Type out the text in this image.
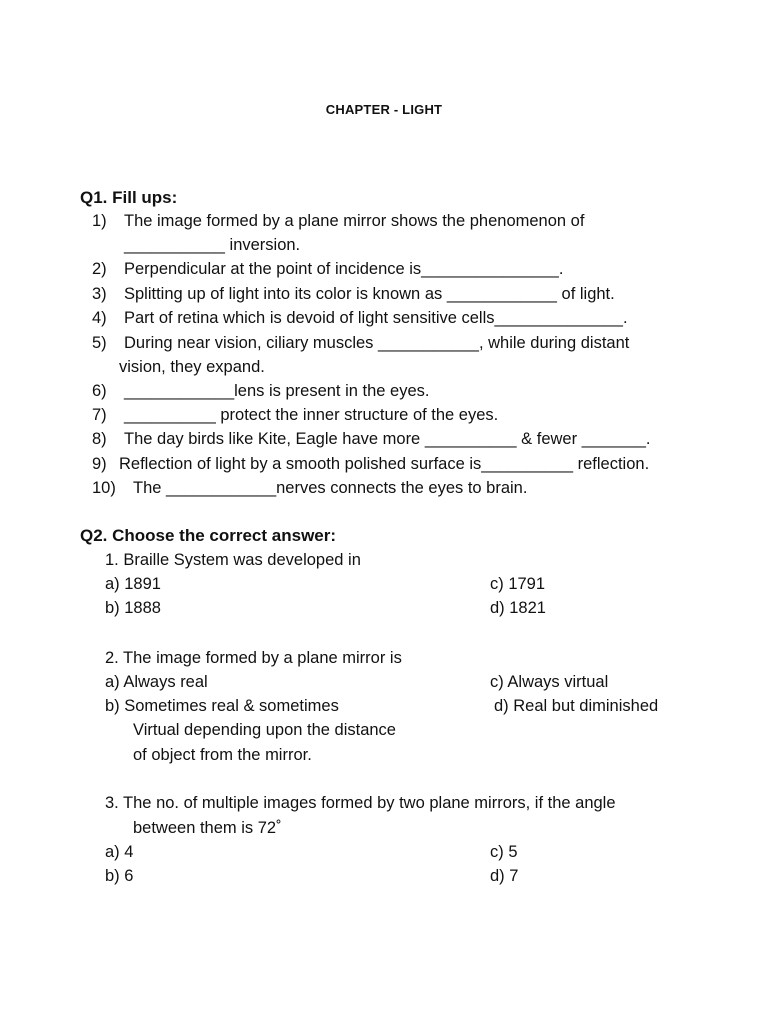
CHAPTER - LIGHT
Q1. Fill ups:
1) The image formed by a plane mirror shows the phenomenon of
___________ inversion.
2) Perpendicular at the point of incidence is_______________.
3) Splitting up of light into its color is known as ____________ of light.
4) Part of retina which is devoid of light sensitive cells______________.
5) During near vision, ciliary muscles ___________, while during distant
vision, they expand.
6) ____________lens is present in the eyes.
7) __________ protect the inner structure of the eyes.
8) The day birds like Kite, Eagle have more __________ & fewer _______.
9) Reflection of light by a smooth polished surface is__________ reflection.
10) The ____________nerves connects the eyes to brain.
Q2. Choose the correct answer:
1. Braille System was developed in
a) 1891
b) 1888
c) 1791
d) 1821
2. The image formed by a plane mirror is
a) Always real
b) Sometimes real & sometimes
Virtual depending upon the distance
of object from the mirror.
c) Always virtual
d) Real but diminished
3. The no. of multiple images formed by two plane mirrors, if the angle
between them is 72˚
a) 4
b) 6
c) 5
d) 7
